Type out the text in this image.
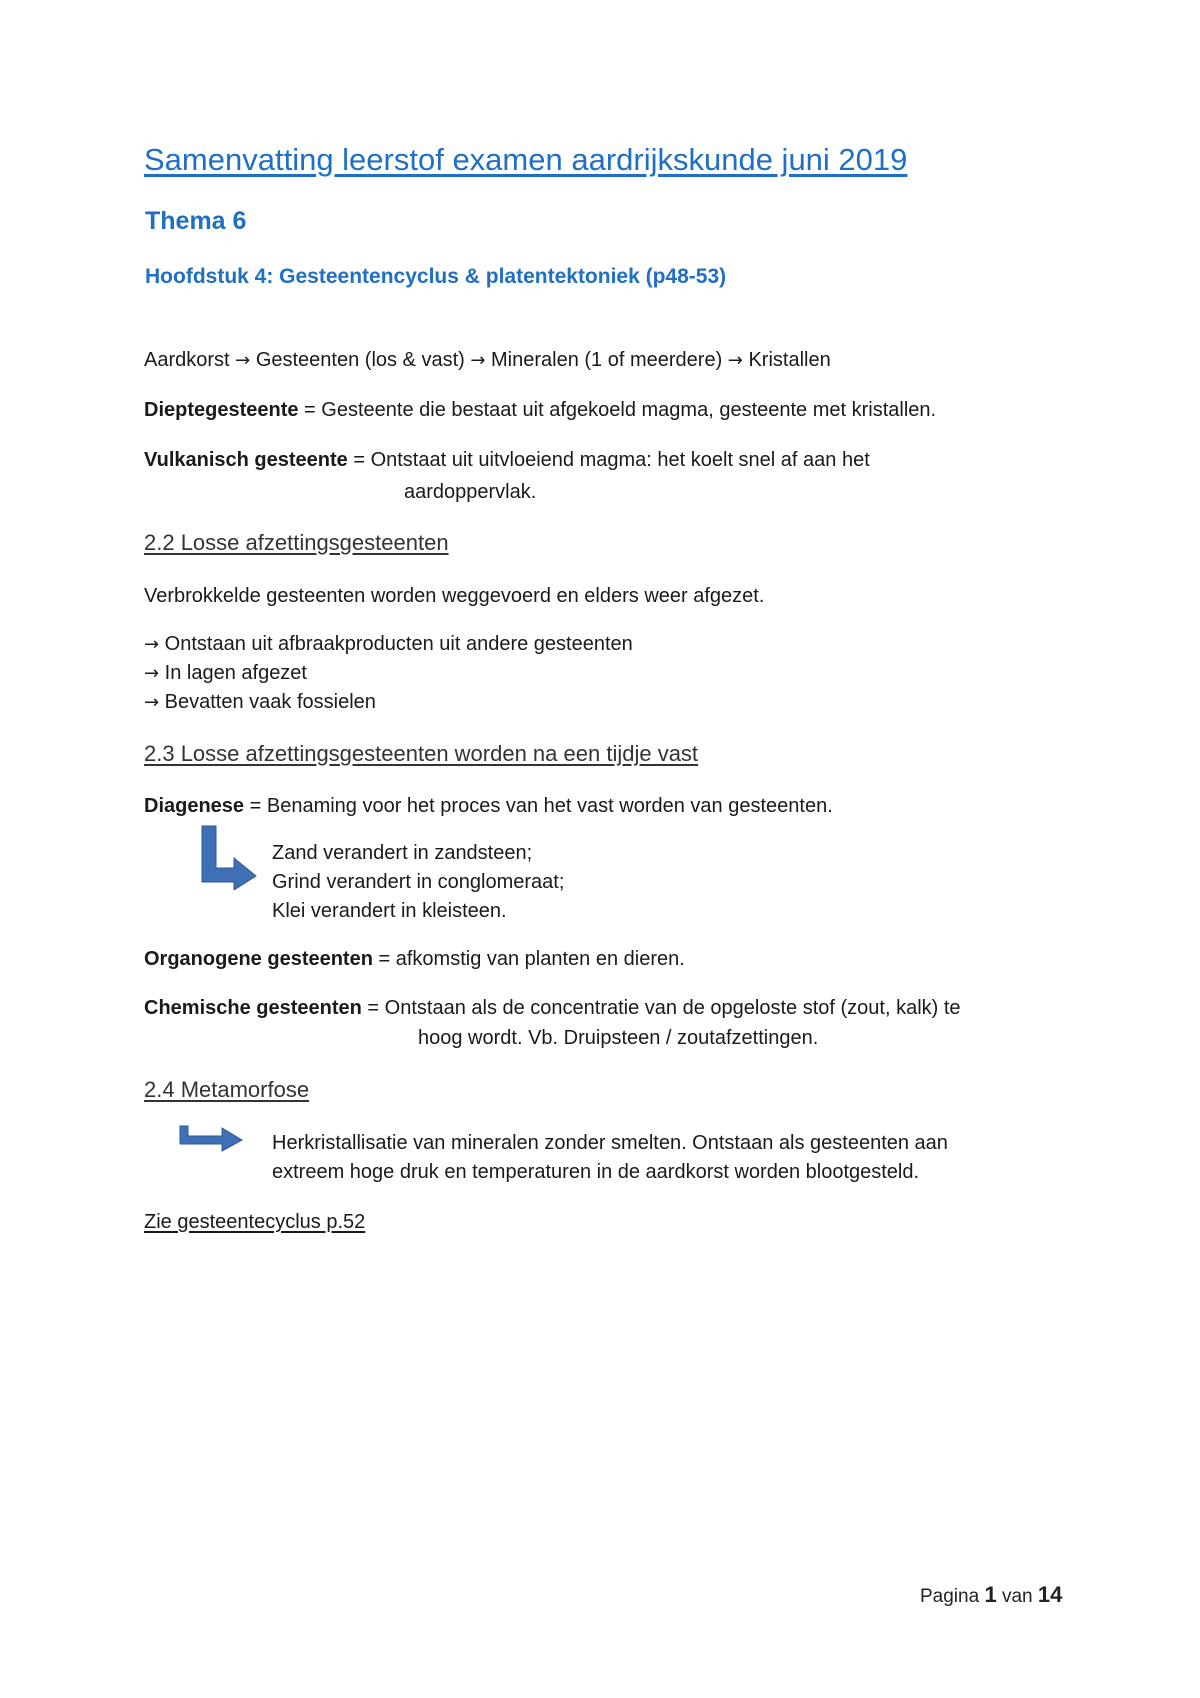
Samenvatting leerstof examen aardrijkskunde juni 2019
Thema 6
Hoofdstuk 4: Gesteentencyclus & platentektoniek (p48-53)
Aardkorst → Gesteenten (los & vast) → Mineralen (1 of meerdere) → Kristallen
Dieptegesteente = Gesteente die bestaat uit afgekoeld magma, gesteente met kristallen.
Vulkanisch gesteente = Ontstaat uit uitvloeiend magma: het koelt snel af aan het
aardoppervlak.
2.2 Losse afzettingsgesteenten
Verbrokkelde gesteenten worden weggevoerd en elders weer afgezet.
→ Ontstaan uit afbraakproducten uit andere gesteenten
→ In lagen afgezet
→ Bevatten vaak fossielen
2.3 Losse afzettingsgesteenten worden na een tijdje vast
Diagenese = Benaming voor het proces van het vast worden van gesteenten.
Zand verandert in zandsteen;
Grind verandert in conglomeraat;
Klei verandert in kleisteen.
Organogene gesteenten = afkomstig van planten en dieren.
Chemische gesteenten = Ontstaan als de concentratie van de opgeloste stof (zout, kalk) te
hoog wordt. Vb. Druipsteen / zoutafzettingen.
2.4 Metamorfose
Herkristallisatie van mineralen zonder smelten. Ontstaan als gesteenten aan
extreem hoge druk en temperaturen in de aardkorst worden blootgesteld.
Zie gesteentecyclus p.52
Pagina 1 van 14
